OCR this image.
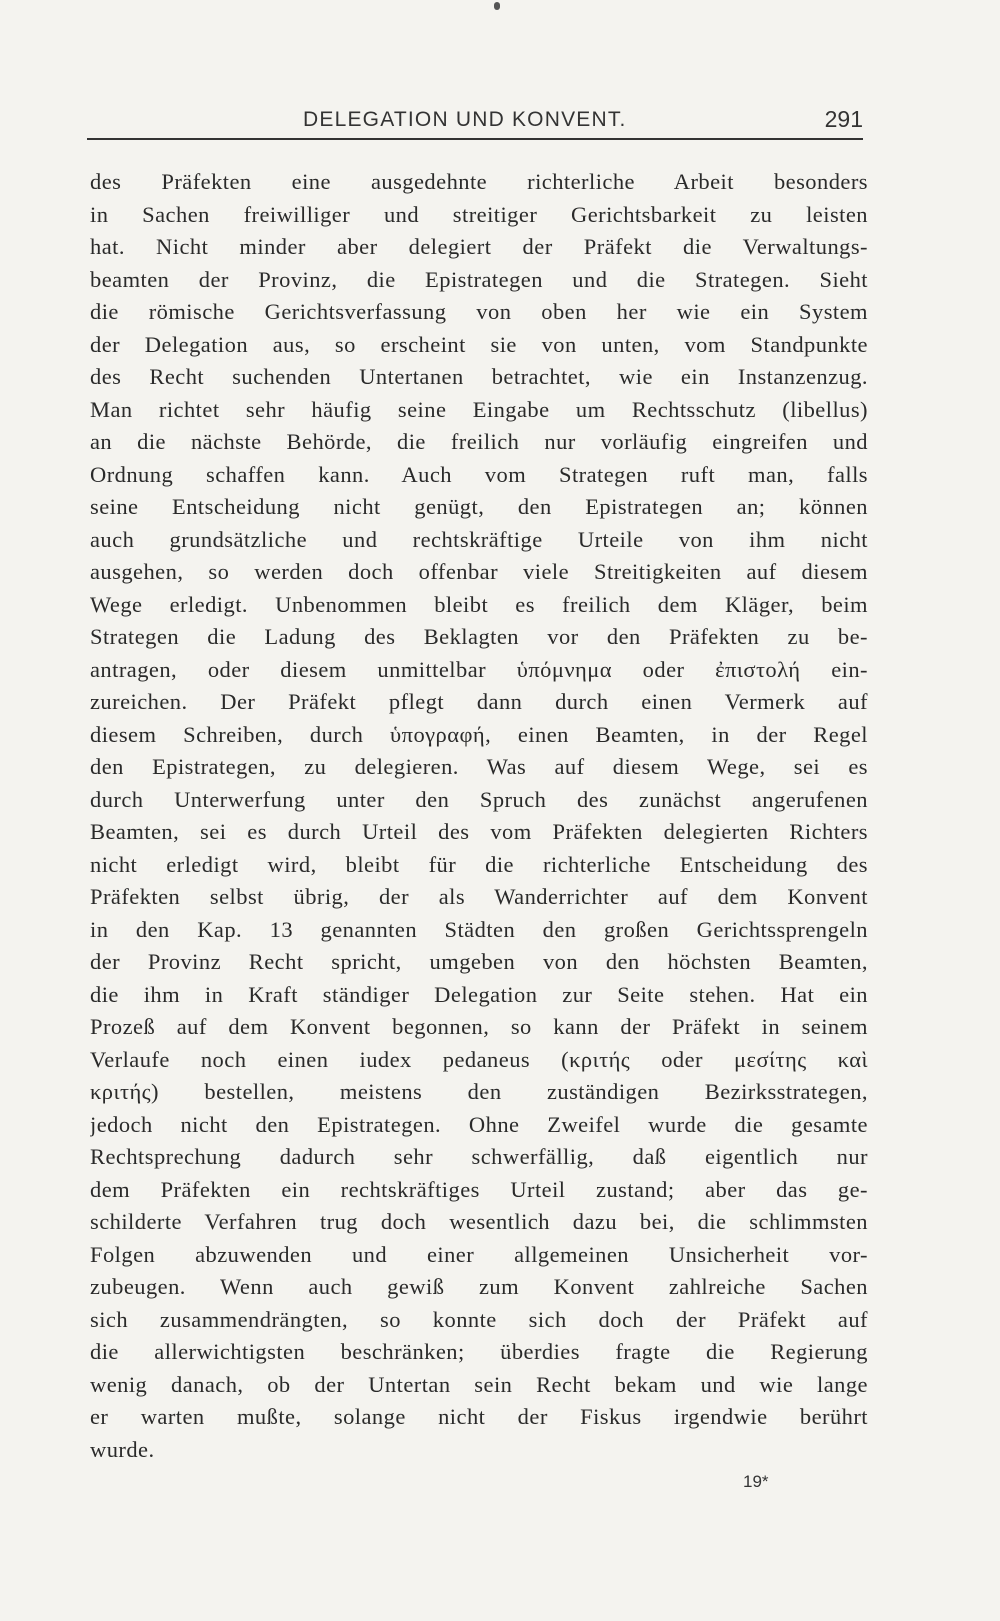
DELEGATION UND KONVENT.	291
des Präfekten eine ausgedehnte richterliche Arbeit besonders
in Sachen freiwilliger und streitiger Gerichtsbarkeit zu leisten
hat. Nicht minder aber delegiert der Präfekt die Verwaltungs-
beamten der Provinz, die Epistrategen und die Strategen. Sieht
die römische Gerichtsverfassung von oben her wie ein System
der Delegation aus, so erscheint sie von unten, vom Standpunkte
des Recht suchenden Untertanen betrachtet, wie ein Instanzenzug.
Man richtet sehr häufig seine Eingabe um Rechtsschutz (libellus)
an die nächste Behörde, die freilich nur vorläufig eingreifen und
Ordnung schaffen kann. Auch vom Strategen ruft man, falls
seine Entscheidung nicht genügt, den Epistrategen an; können
auch grundsätzliche und rechtskräftige Urteile von ihm nicht
ausgehen, so werden doch offenbar viele Streitigkeiten auf diesem
Wege erledigt. Unbenommen bleibt es freilich dem Kläger, beim
Strategen die Ladung des Beklagten vor den Präfekten zu be-
antragen, oder diesem unmittelbar ὑπόμνημα oder ἐπιστολή ein-
zureichen. Der Präfekt pflegt dann durch einen Vermerk auf
diesem Schreiben, durch ὑπογραφή, einen Beamten, in der Regel
den Epistrategen, zu delegieren. Was auf diesem Wege, sei es
durch Unterwerfung unter den Spruch des zunächst angerufenen
Beamten, sei es durch Urteil des vom Präfekten delegierten Richters
nicht erledigt wird, bleibt für die richterliche Entscheidung des
Präfekten selbst übrig, der als Wanderrichter auf dem Konvent
in den Kap. 13 genannten Städten den großen Gerichtssprengeln
der Provinz Recht spricht, umgeben von den höchsten Beamten,
die ihm in Kraft ständiger Delegation zur Seite stehen. Hat ein
Prozeß auf dem Konvent begonnen, so kann der Präfekt in seinem
Verlaufe noch einen iudex pedaneus (κριτής oder μεσίτης καὶ
κριτής) bestellen, meistens den zuständigen Bezirksstrategen,
jedoch nicht den Epistrategen. Ohne Zweifel wurde die gesamte
Rechtsprechung dadurch sehr schwerfällig, daß eigentlich nur
dem Präfekten ein rechtskräftiges Urteil zustand; aber das ge-
schilderte Verfahren trug doch wesentlich dazu bei, die schlimmsten
Folgen abzuwenden und einer allgemeinen Unsicherheit vor-
zubeugen. Wenn auch gewiß zum Konvent zahlreiche Sachen
sich zusammendrängten, so konnte sich doch der Präfekt auf
die allerwichtigsten beschränken; überdies fragte die Regierung
wenig danach, ob der Untertan sein Recht bekam und wie lange
er warten mußte, solange nicht der Fiskus irgendwie berührt
wurde.
19*
